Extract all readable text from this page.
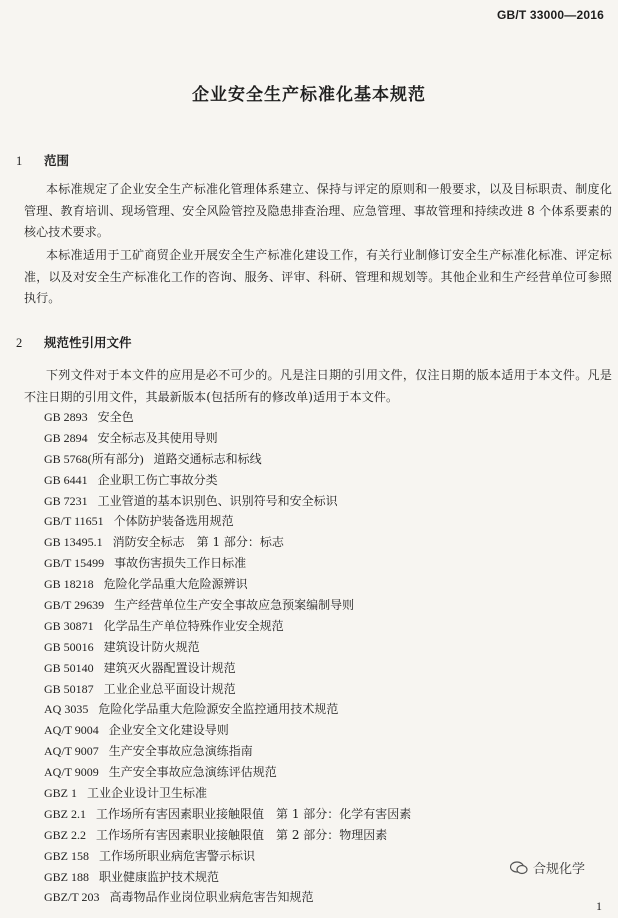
GB/T 33000—2016
企业安全生产标准化基本规范
1 范围
本标准规定了企业安全生产标准化管理体系建立、保持与评定的原则和一般要求，以及目标职责、制度化管理、教育培训、现场管理、安全风险管控及隐患排查治理、应急管理、事故管理和持续改进 8 个体系要素的核心技术要求。
本标准适用于工矿商贸企业开展安全生产标准化建设工作，有关行业制修订安全生产标准化标准、评定标准，以及对安全生产标准化工作的咨询、服务、评审、科研、管理和规划等。其他企业和生产经营单位可参照执行。
2 规范性引用文件
下列文件对于本文件的应用是必不可少的。凡是注日期的引用文件，仅注日期的版本适用于本文件。凡是不注日期的引用文件，其最新版本(包括所有的修改单)适用于本文件。
GB 2893 安全色
GB 2894 安全标志及其使用导则
GB 5768(所有部分) 道路交通标志和标线
GB 6441 企业职工伤亡事故分类
GB 7231 工业管道的基本识别色、识别符号和安全标识
GB/T 11651 个体防护装备选用规范
GB 13495.1 消防安全标志　第 1 部分：标志
GB/T 15499 事故伤害损失工作日标准
GB 18218 危险化学品重大危险源辨识
GB/T 29639 生产经营单位生产安全事故应急预案编制导则
GB 30871 化学品生产单位特殊作业安全规范
GB 50016 建筑设计防火规范
GB 50140 建筑灭火器配置设计规范
GB 50187 工业企业总平面设计规范
AQ 3035 危险化学品重大危险源安全监控通用技术规范
AQ/T 9004 企业安全文化建设导则
AQ/T 9007 生产安全事故应急演练指南
AQ/T 9009 生产安全事故应急演练评估规范
GBZ 1 工业企业设计卫生标准
GBZ 2.1 工作场所有害因素职业接触限值　第 1 部分：化学有害因素
GBZ 2.2 工作场所有害因素职业接触限值　第 2 部分：物理因素
GBZ 158 工作场所职业病危害警示标识
GBZ 188 职业健康监护技术规范
GBZ/T 203 高毒物品作业岗位职业病危害告知规范
合规化学
1
